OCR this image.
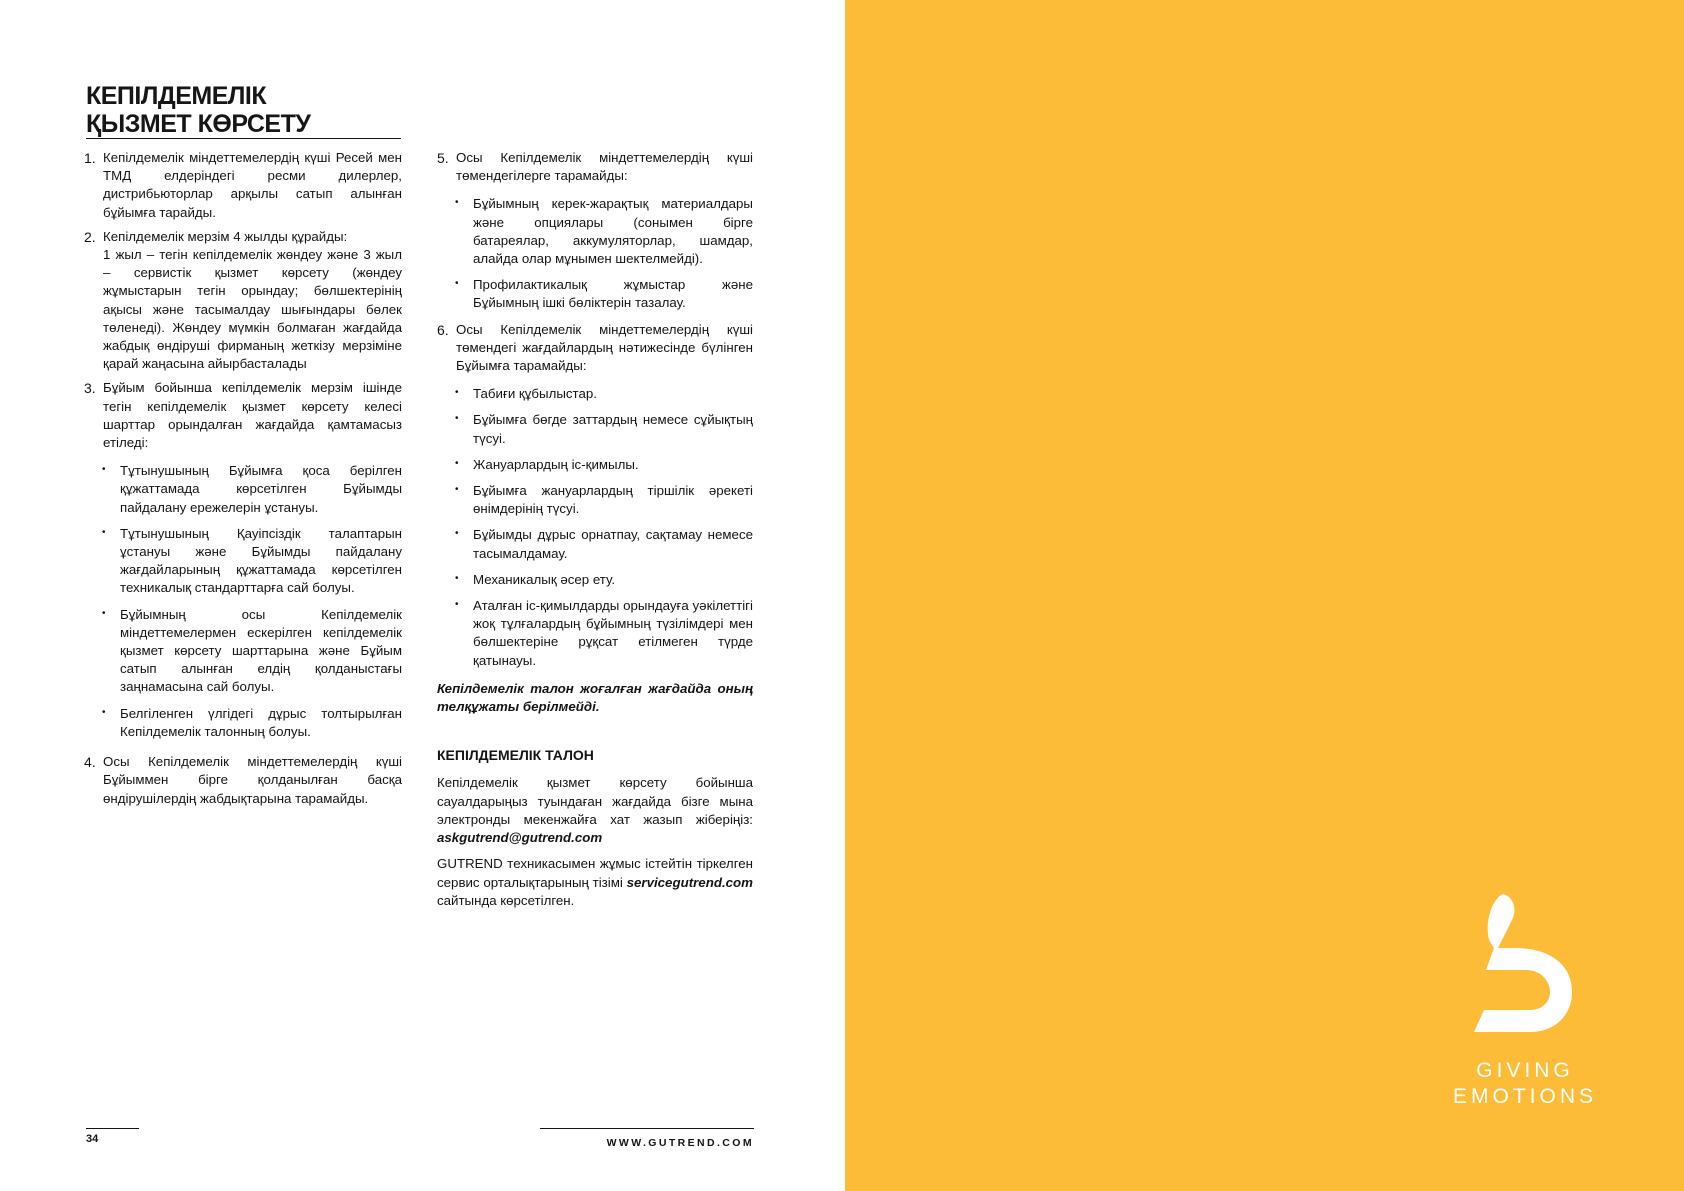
КЕПІЛДЕМЕЛІК
ҚЫЗМЕТ КӨРСЕТУ
1. Кепілдемелік міндеттемелердің күші Ресей мен ТМД елдеріндегі ресми дилерлер, дистрибьюторлар арқылы сатып алынған бұйымға тарайды.
2. Кепілдемелік мерзім 4 жылды құрайды:
1 жыл – тегін кепілдемелік жөндеу және 3 жыл – сервистік қызмет көрсету (жөндеу жұмыстарын тегін орындау; бөлшектерінің ақысы және тасымалдау шығындары бөлек төленеді). Жөндеу мүмкін болмаған жағдайда жабдық өндіруші фирманың жеткізу мерзіміне қарай жаңасына айырбасталады
3. Бұйым бойынша кепілдемелік мерзім ішінде тегін кепілдемелік қызмет көрсету келесі шарттар орындалған жағдайда қамтамасыз етіледі:
•	Тұтынушының Бұйымға қоса берілген құжаттамада көрсетілген Бұйымды пайдалану ережелерін ұстануы.
•	Тұтынушының Қауіпсіздік талаптарын ұстануы және Бұйымды пайдалану жағдайларының құжаттамада көрсетілген техникалық стандарттарға сай болуы.
•	Бұйымның осы Кепілдемелік міндеттемелермен ескерілген кепілдемелік қызмет көрсету шарттарына және Бұйым сатып алынған елдің қолданыстағы заңнамасына сай болуы.
•	Белгіленген үлгідегі дұрыс толтырылған Кепілдемелік талонның болуы.
4. Осы Кепілдемелік міндеттемелердің күші Бұйыммен бірге қолданылған басқа өндірушілердің жабдықтарына тарамайды.
5. Осы Кепілдемелік міндеттемелердің күші төмендегілерге тарамайды:
•	Бұйымның керек-жарақтық материалдары және опциялары (сонымен бірге батареялар, аккумуляторлар, шамдар, алайда олар мұнымен шектелмейді).
•	Профилактикалық жұмыстар және Бұйымның ішкі бөліктерін тазалау.
6. Осы Кепілдемелік міндеттемелердің күші төмендегі жағдайлардың нәтижесінде бүлінген Бұйымға тарамайды:
•	Табиғи құбылыстар.
•	Бұйымға бөгде заттардың немесе сұйықтың түсуі.
•	Жануарлардың іс-қимылы.
•	Бұйымға жануарлардың тіршілік әрекеті өнімдерінің түсуі.
•	Бұйымды дұрыс орнатпау, сақтамау немесе тасымалдамау.
•	Механикалық әсер ету.
•	Аталған іс-қимылдарды орындауға уәкілеттігі жоқ тұлғалардың бұйымның түзілімдері мен бөлшектеріне рұқсат етілмеген түрде қатынауы.
Кепілдемелік талон жоғалған жағдайда оның телқұжаты берілмейді.
КЕПІЛДЕМЕЛІК ТАЛОН
Кепілдемелік қызмет көрсету бойынша сауалдарыңыз туындаған жағдайда бізге мына электронды мекенжайға хат жазып жіберіңіз: askgutrend@gutrend.com
GUTREND техникасымен жұмыс істейтін тіркелген сервис орталықтарының тізімі servicegutrend.com сайтында көрсетілген.
34	WWW.GUTREND.COM
GIVING
EMOTIONS
